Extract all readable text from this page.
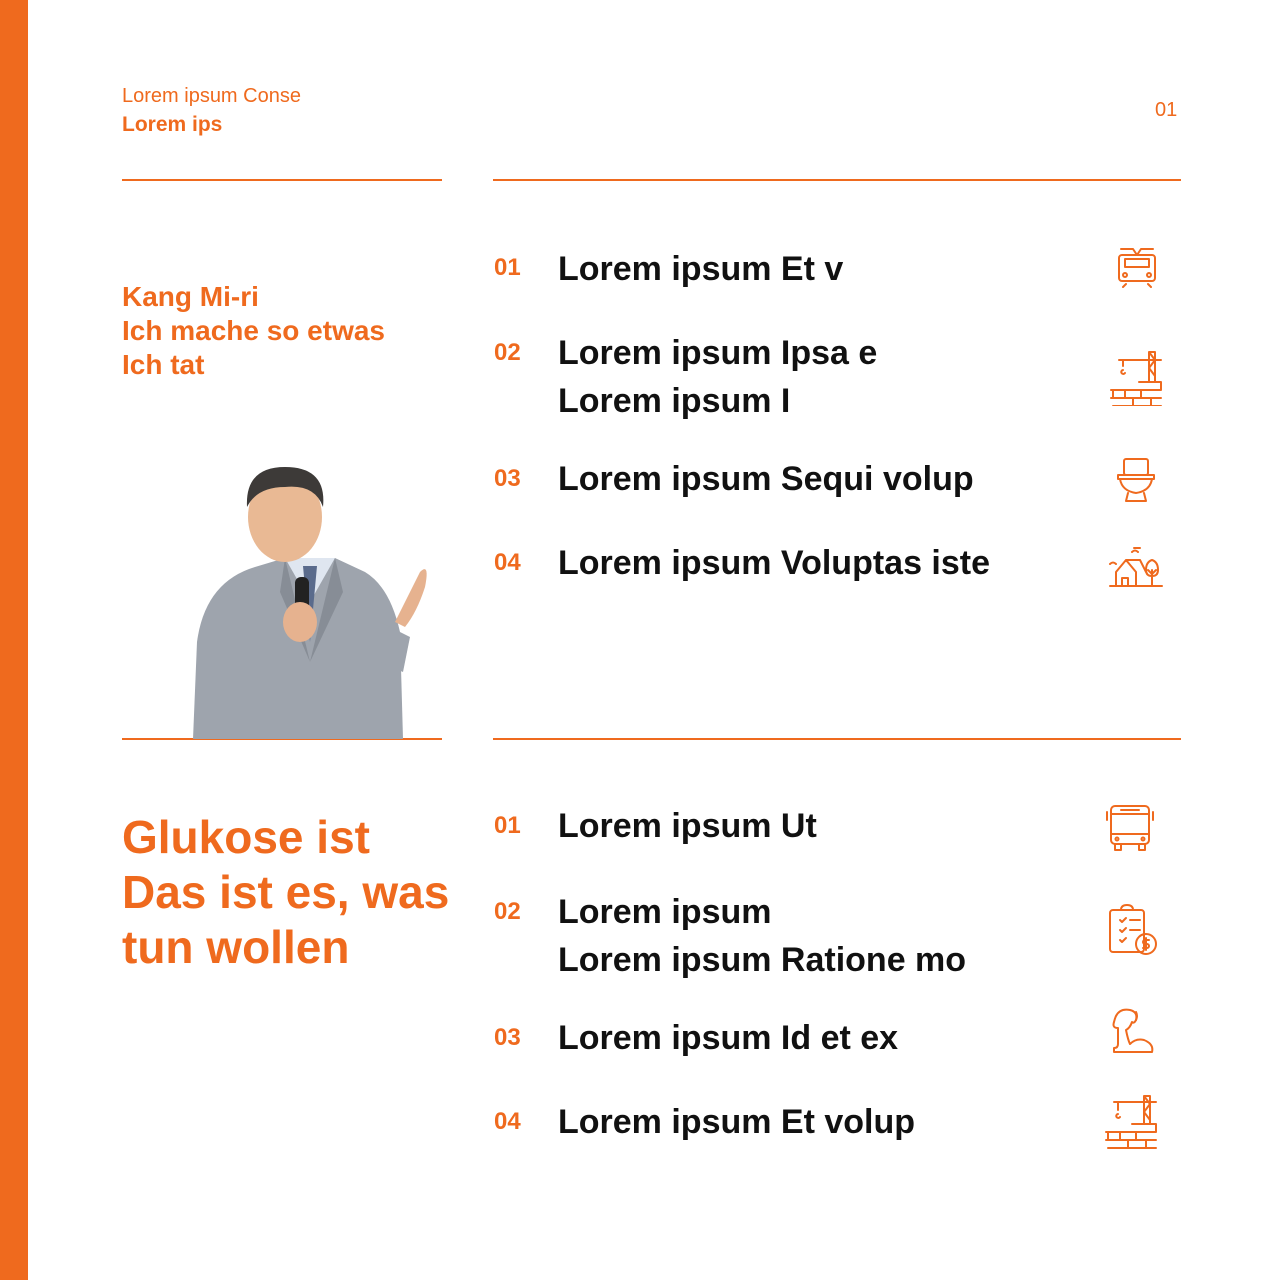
Lorem ipsum Conse
Lorem ips
01
Kang Mi-ri
Ich mache so etwas
Ich tat
Glukose ist
Das ist es, was
tun wollen
01 Lorem ipsum Et v
02 Lorem ipsum Ipsa e
Lorem ipsum I
03 Lorem ipsum Sequi volup
04 Lorem ipsum Voluptas iste
01 Lorem ipsum Ut
02 Lorem ipsum
Lorem ipsum Ratione mo
03 Lorem ipsum Id et ex
04 Lorem ipsum Et volup
